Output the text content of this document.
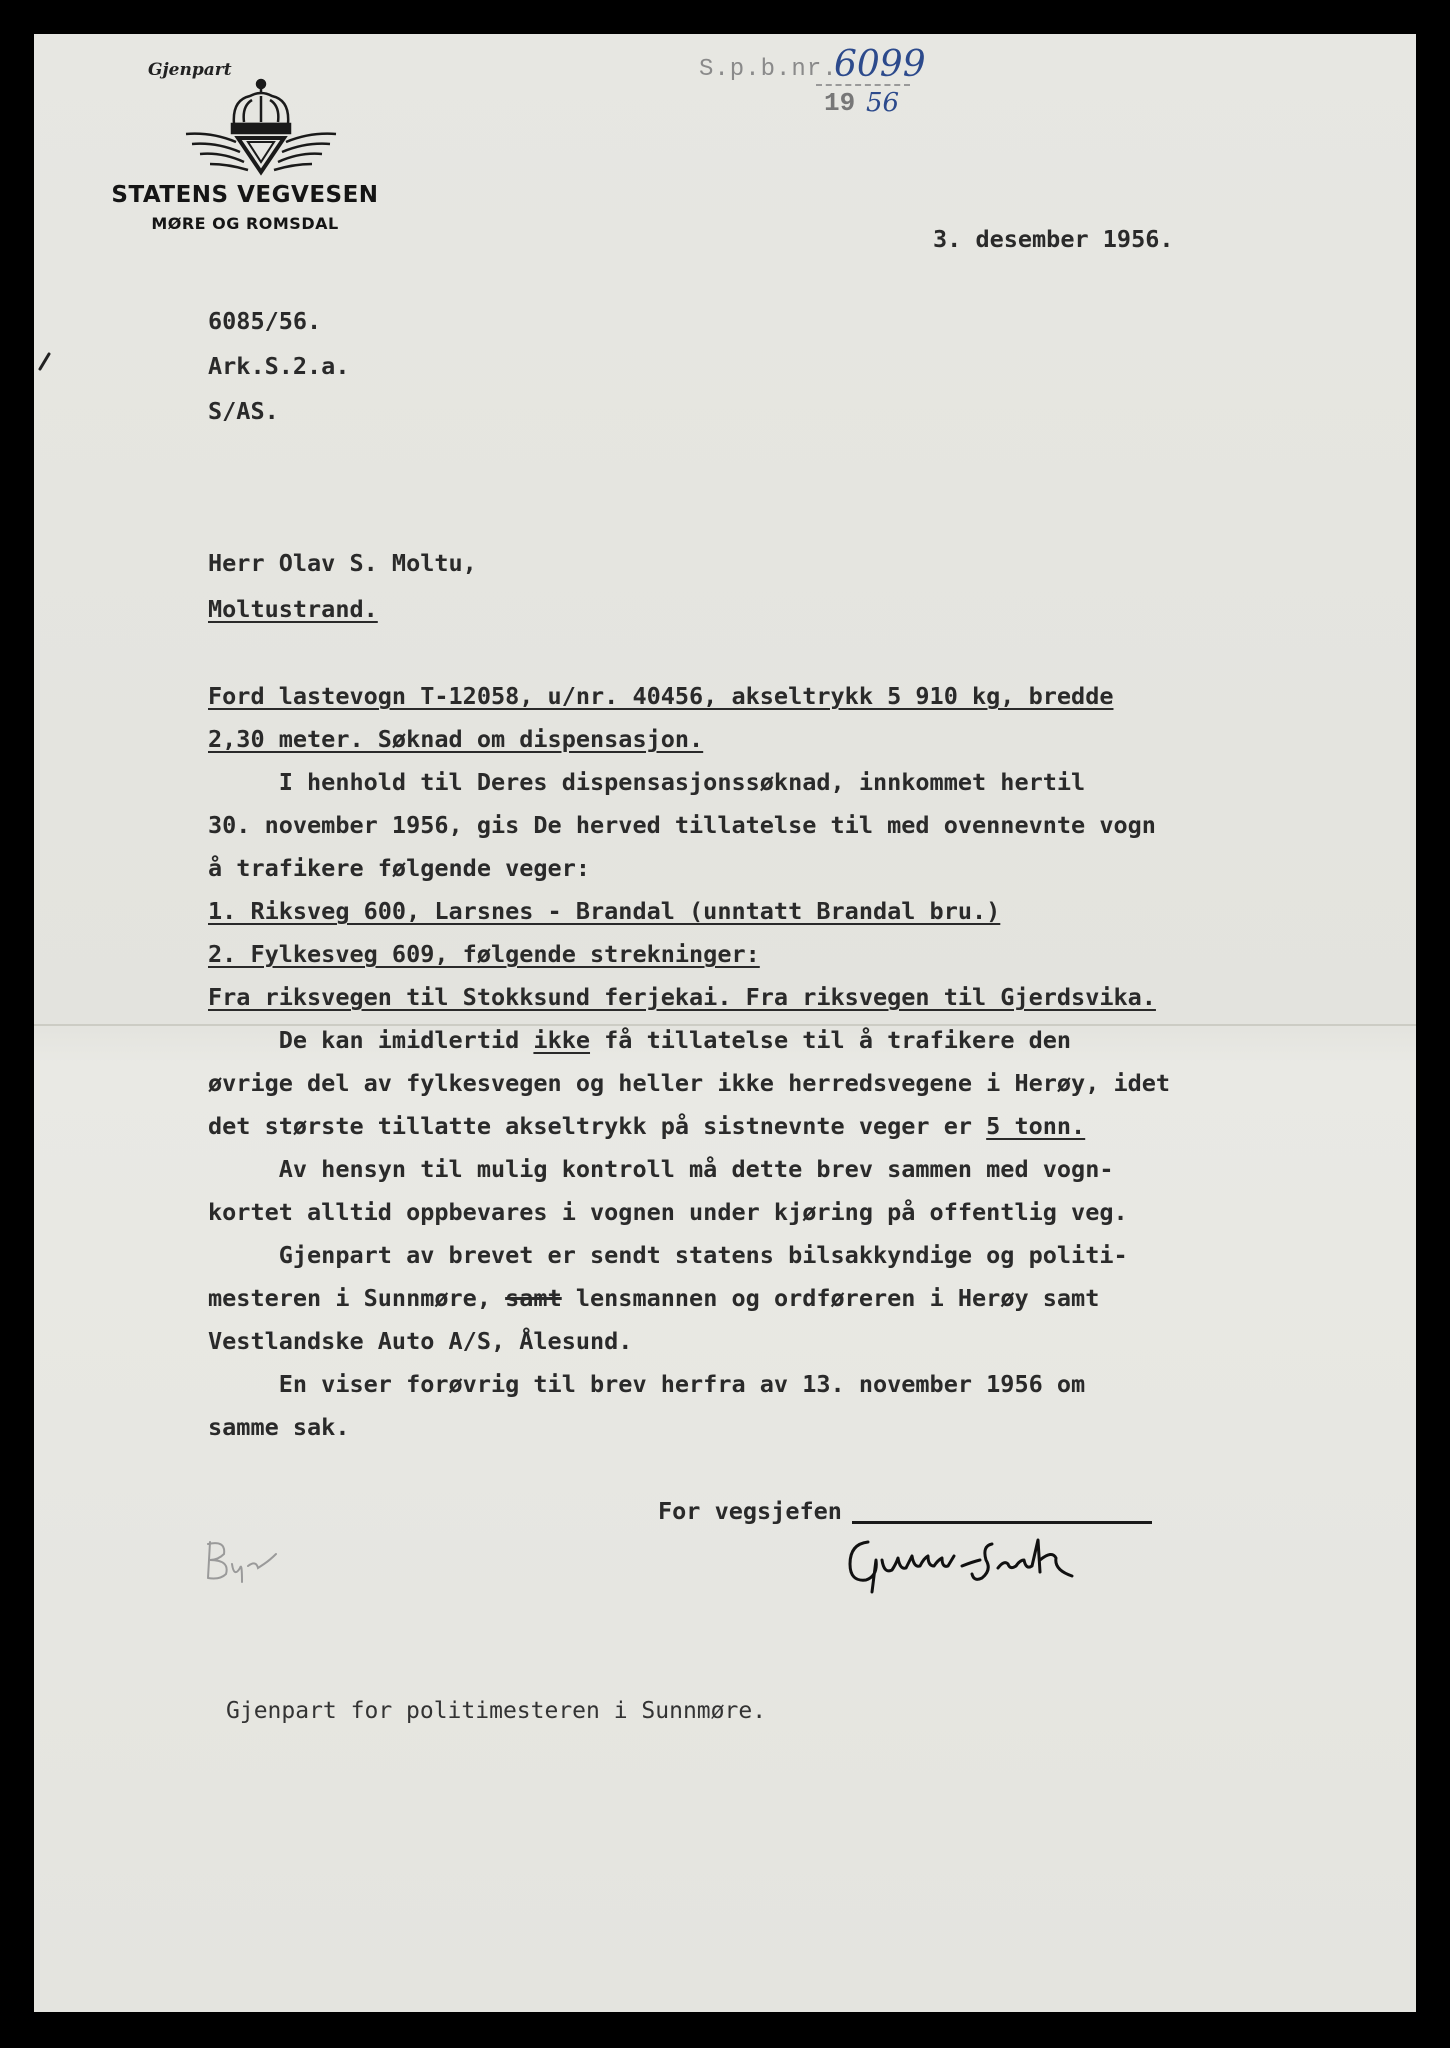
Gjenpart
STATENS VEGVESEN
MØRE OG ROMSDAL
S.p.b.nr.
6099
19 56
3. desember 1956.
6085/56.
Ark.S.2.a.
S/AS.
Herr Olav S. Moltu,
Moltustrand.
Ford lastevogn T-12058, u/nr. 40456, akseltrykk 5 910 kg, bredde
2,30 meter. Søknad om dispensasjon.
I henhold til Deres dispensasjonssøknad, innkommet hertil
30. november 1956, gis De herved tillatelse til med ovennevnte vogn
å trafikere følgende veger:
1. Riksveg 600, Larsnes - Brandal (unntatt Brandal bru.)
2. Fylkesveg 609, følgende strekninger:
Fra riksvegen til Stokksund ferjekai. Fra riksvegen til Gjerdsvika.
De kan imidlertid ikke få tillatelse til å trafikere den
øvrige del av fylkesvegen og heller ikke herredsvegene i Herøy, idet
det største tillatte akseltrykk på sistnevnte veger er 5 tonn.
Av hensyn til mulig kontroll må dette brev sammen med vogn-
kortet alltid oppbevares i vognen under kjøring på offentlig veg.
Gjenpart av brevet er sendt statens bilsakkyndige og politi-
mesteren i Sunnmøre, samt lensmannen og ordføreren i Herøy samt
Vestlandske Auto A/S, Ålesund.
En viser forøvrig til brev herfra av 13. november 1956 om
samme sak.
For vegsjefen
Gjenpart for politimesteren i Sunnmøre.
